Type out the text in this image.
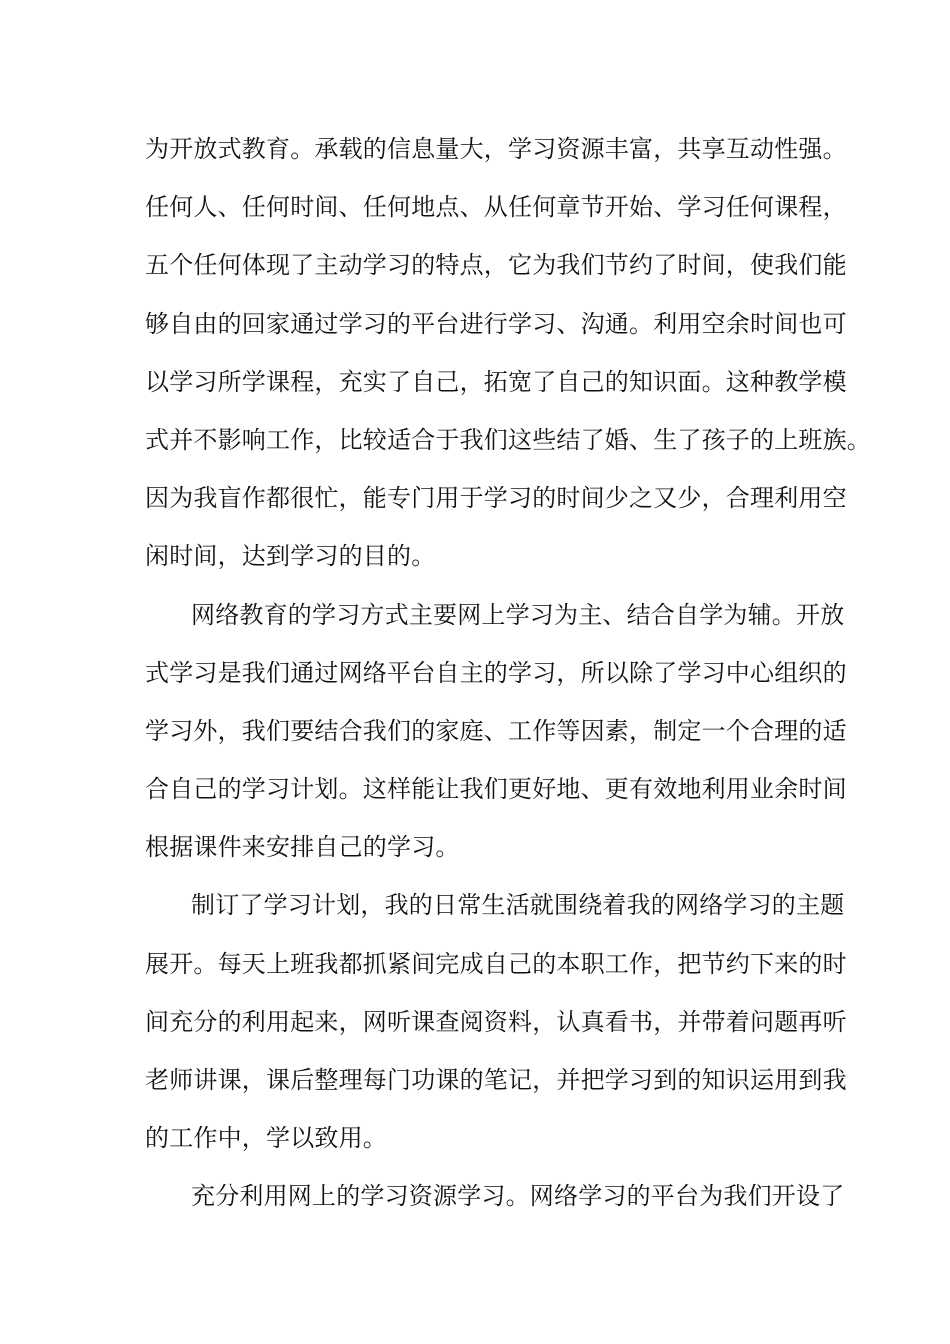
为开放式教育。承载的信息量大，学习资源丰富，共享互动性强。
任何人、任何时间、任何地点、从任何章节开始、学习任何课程，
五个任何体现了主动学习的特点，它为我们节约了时间，使我们能
够自由的回家通过学习的平台进行学习、沟通。利用空余时间也可
以学习所学课程，充实了自己，拓宽了自己的知识面。这种教学模
式并不影响工作，比较适合于我们这些结了婚、生了孩子的上班族。
因为我盲作都很忙，能专门用于学习的时间少之又少，合理利用空
闲时间，达到学习的目的。
网络教育的学习方式主要网上学习为主、结合自学为辅。开放
式学习是我们通过网络平台自主的学习，所以除了学习中心组织的
学习外，我们要结合我们的家庭、工作等因素，制定一个合理的适
合自己的学习计划。这样能让我们更好地、更有效地利用业余时间
根据课件来安排自己的学习。
制订了学习计划，我的日常生活就围绕着我的网络学习的主题
展开。每天上班我都抓紧间完成自己的本职工作，把节约下来的时
间充分的利用起来，网听课查阅资料，认真看书，并带着问题再听
老师讲课，课后整理每门功课的笔记，并把学习到的知识运用到我
的工作中，学以致用。
充分利用网上的学习资源学习。网络学习的平台为我们开设了
